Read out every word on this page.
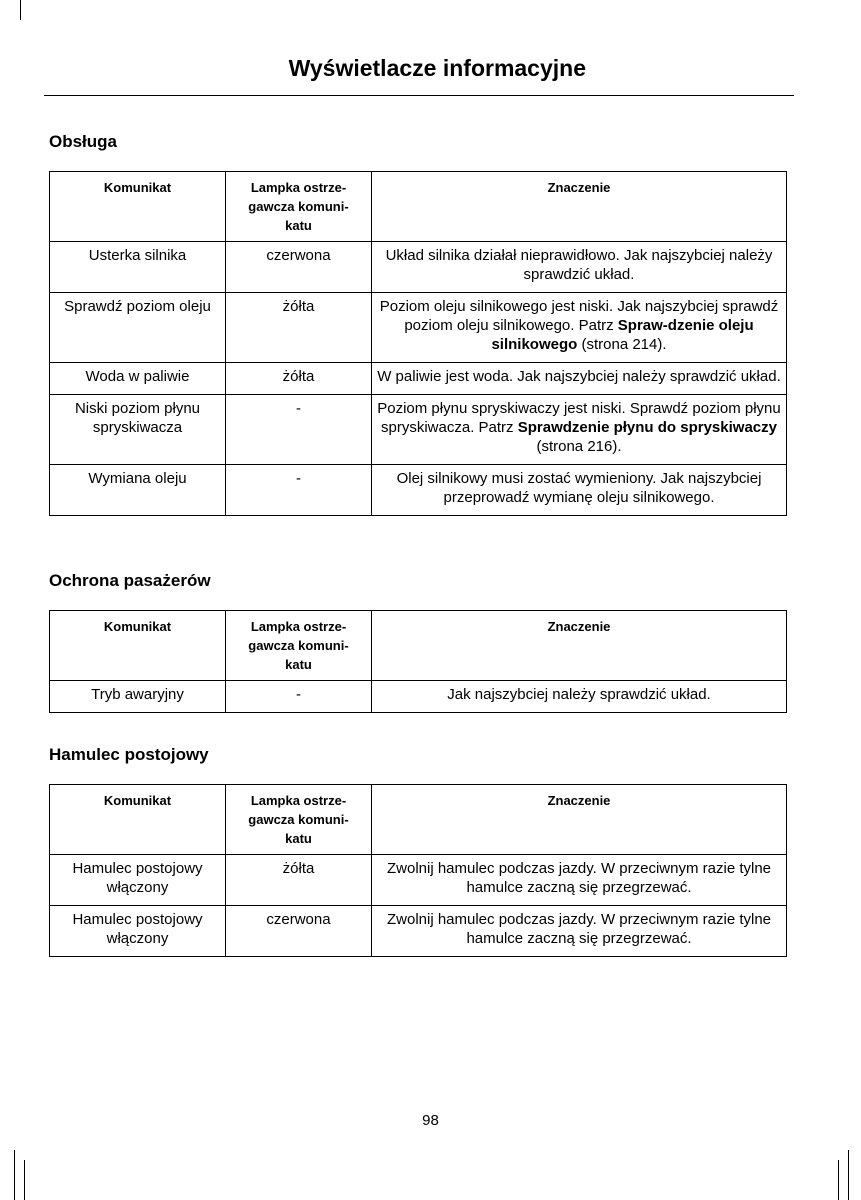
Wyświetlacze informacyjne
Obsługa
Komunikat	Lampka ostrze-
gawcza komuni-
katu	Znaczenie
Usterka silnika	czerwona	Układ silnika działał nieprawidłowo. Jak najszybciej należy sprawdzić układ.
Sprawdź poziom oleju	żółta	Poziom oleju silnikowego jest niski. Jak najszybciej sprawdź poziom oleju silnikowego. Patrz Spraw-dzenie oleju silnikowego (strona 214).
Woda w paliwie	żółta	W paliwie jest woda. Jak najszybciej należy sprawdzić układ.
Niski poziom płynu spryskiwacza	-	Poziom płynu spryskiwaczy jest niski. Sprawdź poziom płynu spryskiwacza. Patrz Sprawdzenie płynu do spryskiwaczy (strona 216).
Wymiana oleju	-	Olej silnikowy musi zostać wymieniony. Jak najszybciej przeprowadź wymianę oleju silnikowego.
Ochrona pasażerów
Komunikat	Lampka ostrze-
gawcza komuni-
katu	Znaczenie
Tryb awaryjny	-	Jak najszybciej należy sprawdzić układ.
Hamulec postojowy
Komunikat	Lampka ostrze-
gawcza komuni-
katu	Znaczenie
Hamulec postojowy włączony	żółta	Zwolnij hamulec podczas jazdy. W przeciwnym razie tylne hamulce zaczną się przegrzewać.
Hamulec postojowy włączony	czerwona	Zwolnij hamulec podczas jazdy. W przeciwnym razie tylne hamulce zaczną się przegrzewać.
98
